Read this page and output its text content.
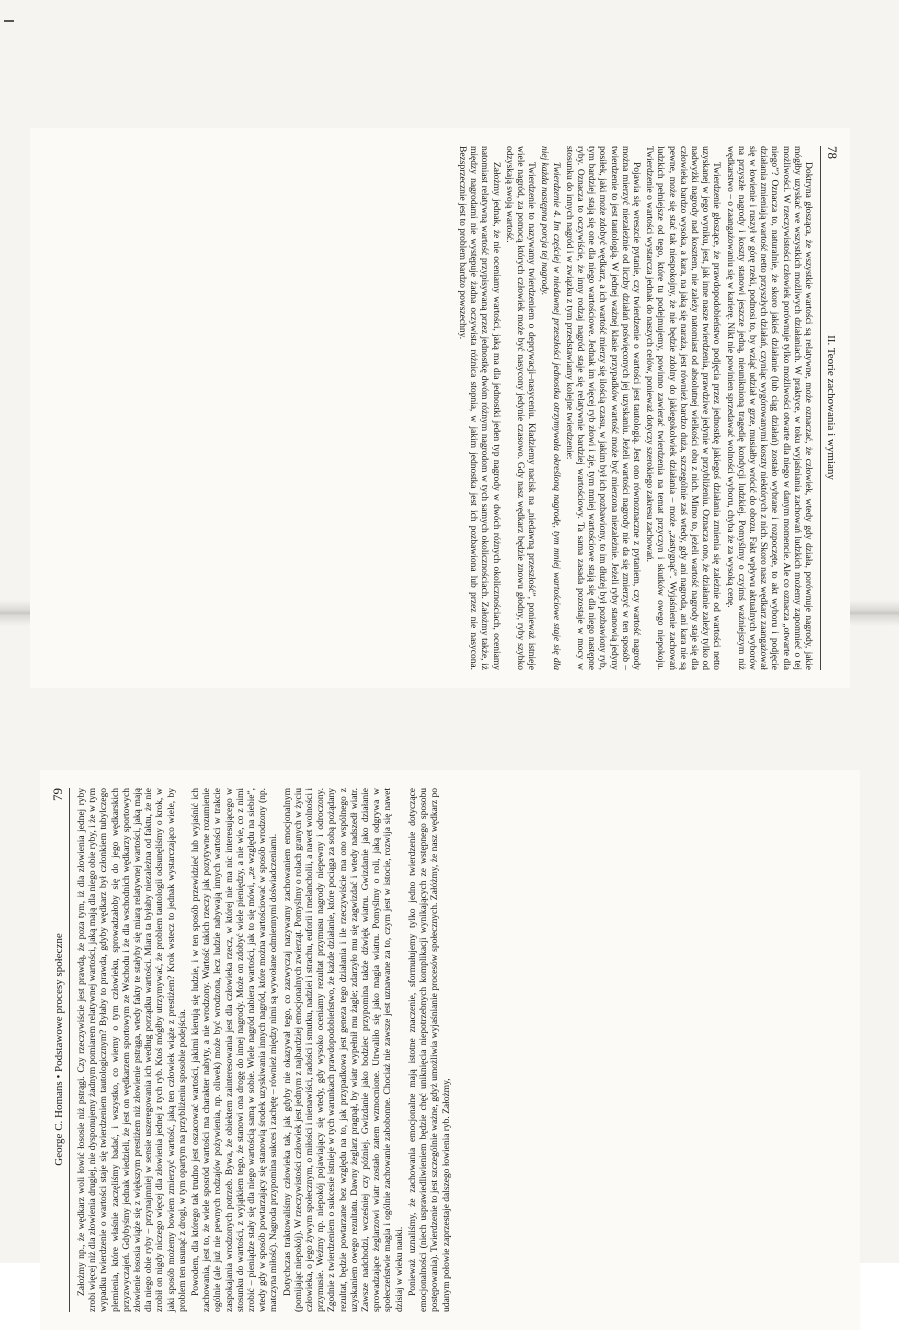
78
II. Teorie zachowania i wymiany

Doktryna głosząca, że wszystkie wartości są relatywne, może oznaczać, że człowiek, wtedy gdy działa, porównuje nagrody, jakie mógłby uzyskać we wszystkich możliwych działaniach. W praktyce, w toku wyjaśniania zachowań ludzkich możemy zapomnieć o tej możliwości. W rzeczywistości człowiek porównuje tylko możliwości otwarte dla niego w danym momencie. Ale co oznacza „otwarte dla niego”? Oznacza to, naturalnie, że skoro jakieś działanie (lub ciąg działań) zostało wybrane i rozpoczęte, to akt wyboru i podjęcie działania zmieniają wartość netto przyszłych działań, czyniąc wygórowanymi koszty niektórych z nich. Skoro nasz wędkarz zaangażował się w łowienie i ruszył w górę rzeki, podnosi to, by wziąć udział w grze, musiałby wrócić do obozu. Fakt wpływu aktualnych wyborów na przyszłe nagrody i koszty stanowi jeszcze jedną, nieuniknioną tragedię kondycji ludzkiej. Pomyślmy o czyimś ważniejszym niż wędkarstwo – o zaangażowaniu się w karierę. Nikt nie powinien sprzedawać wolności wyboru, chyba że za wysoką cenę.

Twierdzenie głoszące, że prawdopodobieństwo podjęcia przez jednostkę jakiegoś działania zmienia się zależnie od wartości netto uzyskanej w jego wyniku, jest, jak inne nasze twierdzenia, prawdziwe jedynie w przybliżeniu. Oznacza ono, że działanie zależy tylko od nadwyżki nagrody nad kosztem, nie zależy natomiast od absolutnej wielkości obu z nich. Mimo to, jeżeli wartość nagrody staje się dla człowieka bardzo wysoka, a kara, na jaką się naraża, jest również bardzo duża, szczególnie zaś wtedy, gdy ani nagroda, ani kara nie są pewne, może się stać tak niespokojny, że nie będzie zdolny do jakiegokolwiek działania – może „zastygnąć”. Wyjaśnienie zachowań ludzkich pełniejsze od tego, które tu podejmujemy, powinno zawierać twierdzenia na temat przyczyn i skutków owego niepokoju. Twierdzenie o wartości wystarcza jednak do naszych celów, ponieważ dotyczy szerokiego zakresu zachowań.

Pojawia się wreszcie pytanie, czy twierdzenie o wartości jest tautologią. Jest ono równoznaczne z pytaniem, czy wartość nagrody można mierzyć niezależnie od liczby działań poświęconych jej uzyskaniu. Jeżeli wartości nagrody nie da się zmierzyć w ten sposób – twierdzenie to jest tautologią. W jednej ważnej klasie przypadków wartość może być mierzona niezależnie. Jeżeli ryby stanowią jedyny posiłek, jaki może zdobyć wędkarz, a ich wartość mierzy się ilością czasu, w jakim był ich pozbawiony, to im dłużej był pozbawiony ryb, tym bardziej stają się one dla niego wartościowe. Jednak im więcej ryb złowi i zje, tym mniej wartościowe stają się dla niego następne ryby. Oznacza to oczywiście, że inny rodzaj nagród staje się relatywnie bardziej wartościowy. Ta sama zasada pozostaje w mocy w stosunku do innych nagród i w związku z tym przedstawiamy kolejne twierdzenie:

Twierdzenie 4. Im częściej w niedawnej przeszłości jednostka otrzymywała określoną nagrodę, tym mniej wartościowe staje się dla niej każda następna porcja tej nagrody.

Twierdzenie to nazywamy twierdzeniem o deprywacji–nasyceniu. Kładziemy nacisk na „niedawną przeszłość”, ponieważ istnieje wiele nagród, za pomocą których człowiek może być nasycony jedynie czasowo. Gdy nasz wędkarz będzie znowu głodny, ryby szybko odzyskają swoją wartość.

Założmy jednak, że nie oceniamy wartości, jaką ma dla jednostki jeden typ nagrody w dwóch różnych okolicznościach, oceniamy natomiast relatywną wartość przypisywaną przez jednostkę dwóm różnym nagrodom w tych samych okolicznościach. Założmy także, iż między nagrodami nie występuje żadna oczywista różnica stopnia, w jakim jednostka jest ich pozbawiona lub przez nie nasycona. Bezsprzecznie jest to problem bardzo powszechny.

George C. Homans • Podstawowe procesy społeczne
79 Założmy np., że wędkarz woli łowić łososie niż pstrągi. Czy rzeczywiście jest prawdą, że poza tym, iż dla złowienia jednej ryby zrobi więcej niż dla złowienia drugiej, nie dysponujemy żadnym pomiarem relatywnej wartości, jaką mają dla niego obie ryby, i że w tym wypadku twierdzenie o wartości staje się twierdzeniem tautologicznym? Byłaby to prawda, gdyby wędkarz był członkiem tubylczego plemienia, które właśnie zaczęliśmy badać, i wszystko, co wiemy o tym człowieku, sprowadzałoby się do jego wędkarskich przyzwyczajeń. Gdybyśmy jednak wiedzieli, że jest on wędkarzem sportowym ze Wschodu i że dla wschodnich wędkarzy sportowych złowienie łososia wiąże się z większym prestiżem niż złowienie pstrąga, wtedy fakty te stałyby się miarą relatywnej wartości, jaką mają dla niego obie ryby – przynajmniej w sensie uszeregowania ich według porządku wartości. Miara ta byłaby niezależna od faktu, że nie zrobił on nigdy niczego więcej dla złowienia jednej z tych ryb. Ktoś mógłby utrzymywać, że problem tautologii odsunęliśmy o krok, w jaki sposób możemy bowiem zmierzyć wartość, jaką ten człowiek wiąże z prestiżem? Krok wstecz to jednak wystarczająco wiele, by problem ten usunąć z drogi, w tym opartym na przybliżeniu sposobie podejścia. Powodem, dla którego tak trudno jest oszacować wartości, jakimi kierują się ludzie, i w ten sposób przewidzieć lub wyjaśnić ich zachowania, jest to, że wiele sposród wartości ma charakter nabyty, a nie wrodzony. Wartość takich rzeczy jak pozytywne rozumienie ogólnie (ale już nie pewnych rodzajów pożywienia, np. oliwek) może być wrodzona, lecz ludzie nabywają innych wartości w trakcie zaspokajania wrodzonych potrzeb. Bywa, że obiektem zainteresowania jest dla człowieka rzecz, w której nie ma nic interesującego w stosunku do wartości, z wyjątkiem tego, że stanowi ona drogę do innej nagrody. Może on zdobyć wiele pieniędzy, a nie wie, co z nimi zrobić – pieniądze stały się dla niego wartością samą w sobie. Wiele nagród nabiera wartości, jak to się mówi, „ze względu na siebie”, wtedy gdy w sposób powtarzający się stanowią środek uzyskiwania innych nagród, które można wartościować w sposób wrodzony (np. matczyna miłość). Nagroda przypomina sukces i zachętę – również między nimi są wywołane odmiennymi doświadczeniami. Dotychczas traktowaliśmy człowieka tak, jak gdyby nie okazywał tego, co zazwyczaj nazywamy zachowaniem emocjonalnym (pomijając niepokój). W rzeczywistości człowiek jest jednym z najbardziej emocjonalnych zwierząt. Pomyślmy o rolach granych w życiu człowieka, o jego żywym społecznym, o miłości i nienawiści, radości i smutku, nadziei i strachu, euforii i melancholii, a nawet wolności i przymusie. Weźmy np. niepokój pojawiający się wtedy, gdy wysoko oceniamy rezultat przymusu nagrody niepewny i odroczony. Zgodnie z twierdzeniem o sukcesie istnieje w tych warunkach prawdopodobieństwo, że każde działanie, które pociąga za sobą pożądany rezultat, będzie powtarzane bez względu na to, jak przypadkowa jest geneza tego działania i ile rzeczywiście ma ono wspólnego z uzyskaniem owego rezultatu. Dawny żeglarz pragnął, by wiatr wypełnił mu żagle; zdarzyło mu się zagwizdać i wtedy nadszedł wiatr. Zawsze nadchodzi, wcześniej czy później. Gwizdanie jako bodziec przypomina także dźwięk wiatru. Gwizdanie jako działanie sprowadzające żeglarzowi wiatr zostało zatem wzmocnione. Utrwaliło się jako magia wiatru. Pomyślmy o roli, jaką odgrywa w społeczeństwie magia i ogólnie zachowanie zabobonne. Chociaż nie zawsze jest uznawane za to, czym jest w istocie, rozwija się nawet dzisiaj w wieku nauki. Ponieważ uznaliśmy, że zachowania emocjonalne mają istotne znaczenie, sformułujemy tylko jedno twierdzenie dotyczące emocjonalności (niech usprawiedliwieniem będzie chęć uniknięcia niepotrzebnych komplikacji wynikających ze wstępnego sposobu postępowania). Twierdzenie to jest szczególnie ważne, gdyż umożliwia wyjaśnianie procesów społecznych. Załóżmy, że nasz wędkarz po udanym połowie zaprzestaje dalszego łowienia ryb. Założmy,
